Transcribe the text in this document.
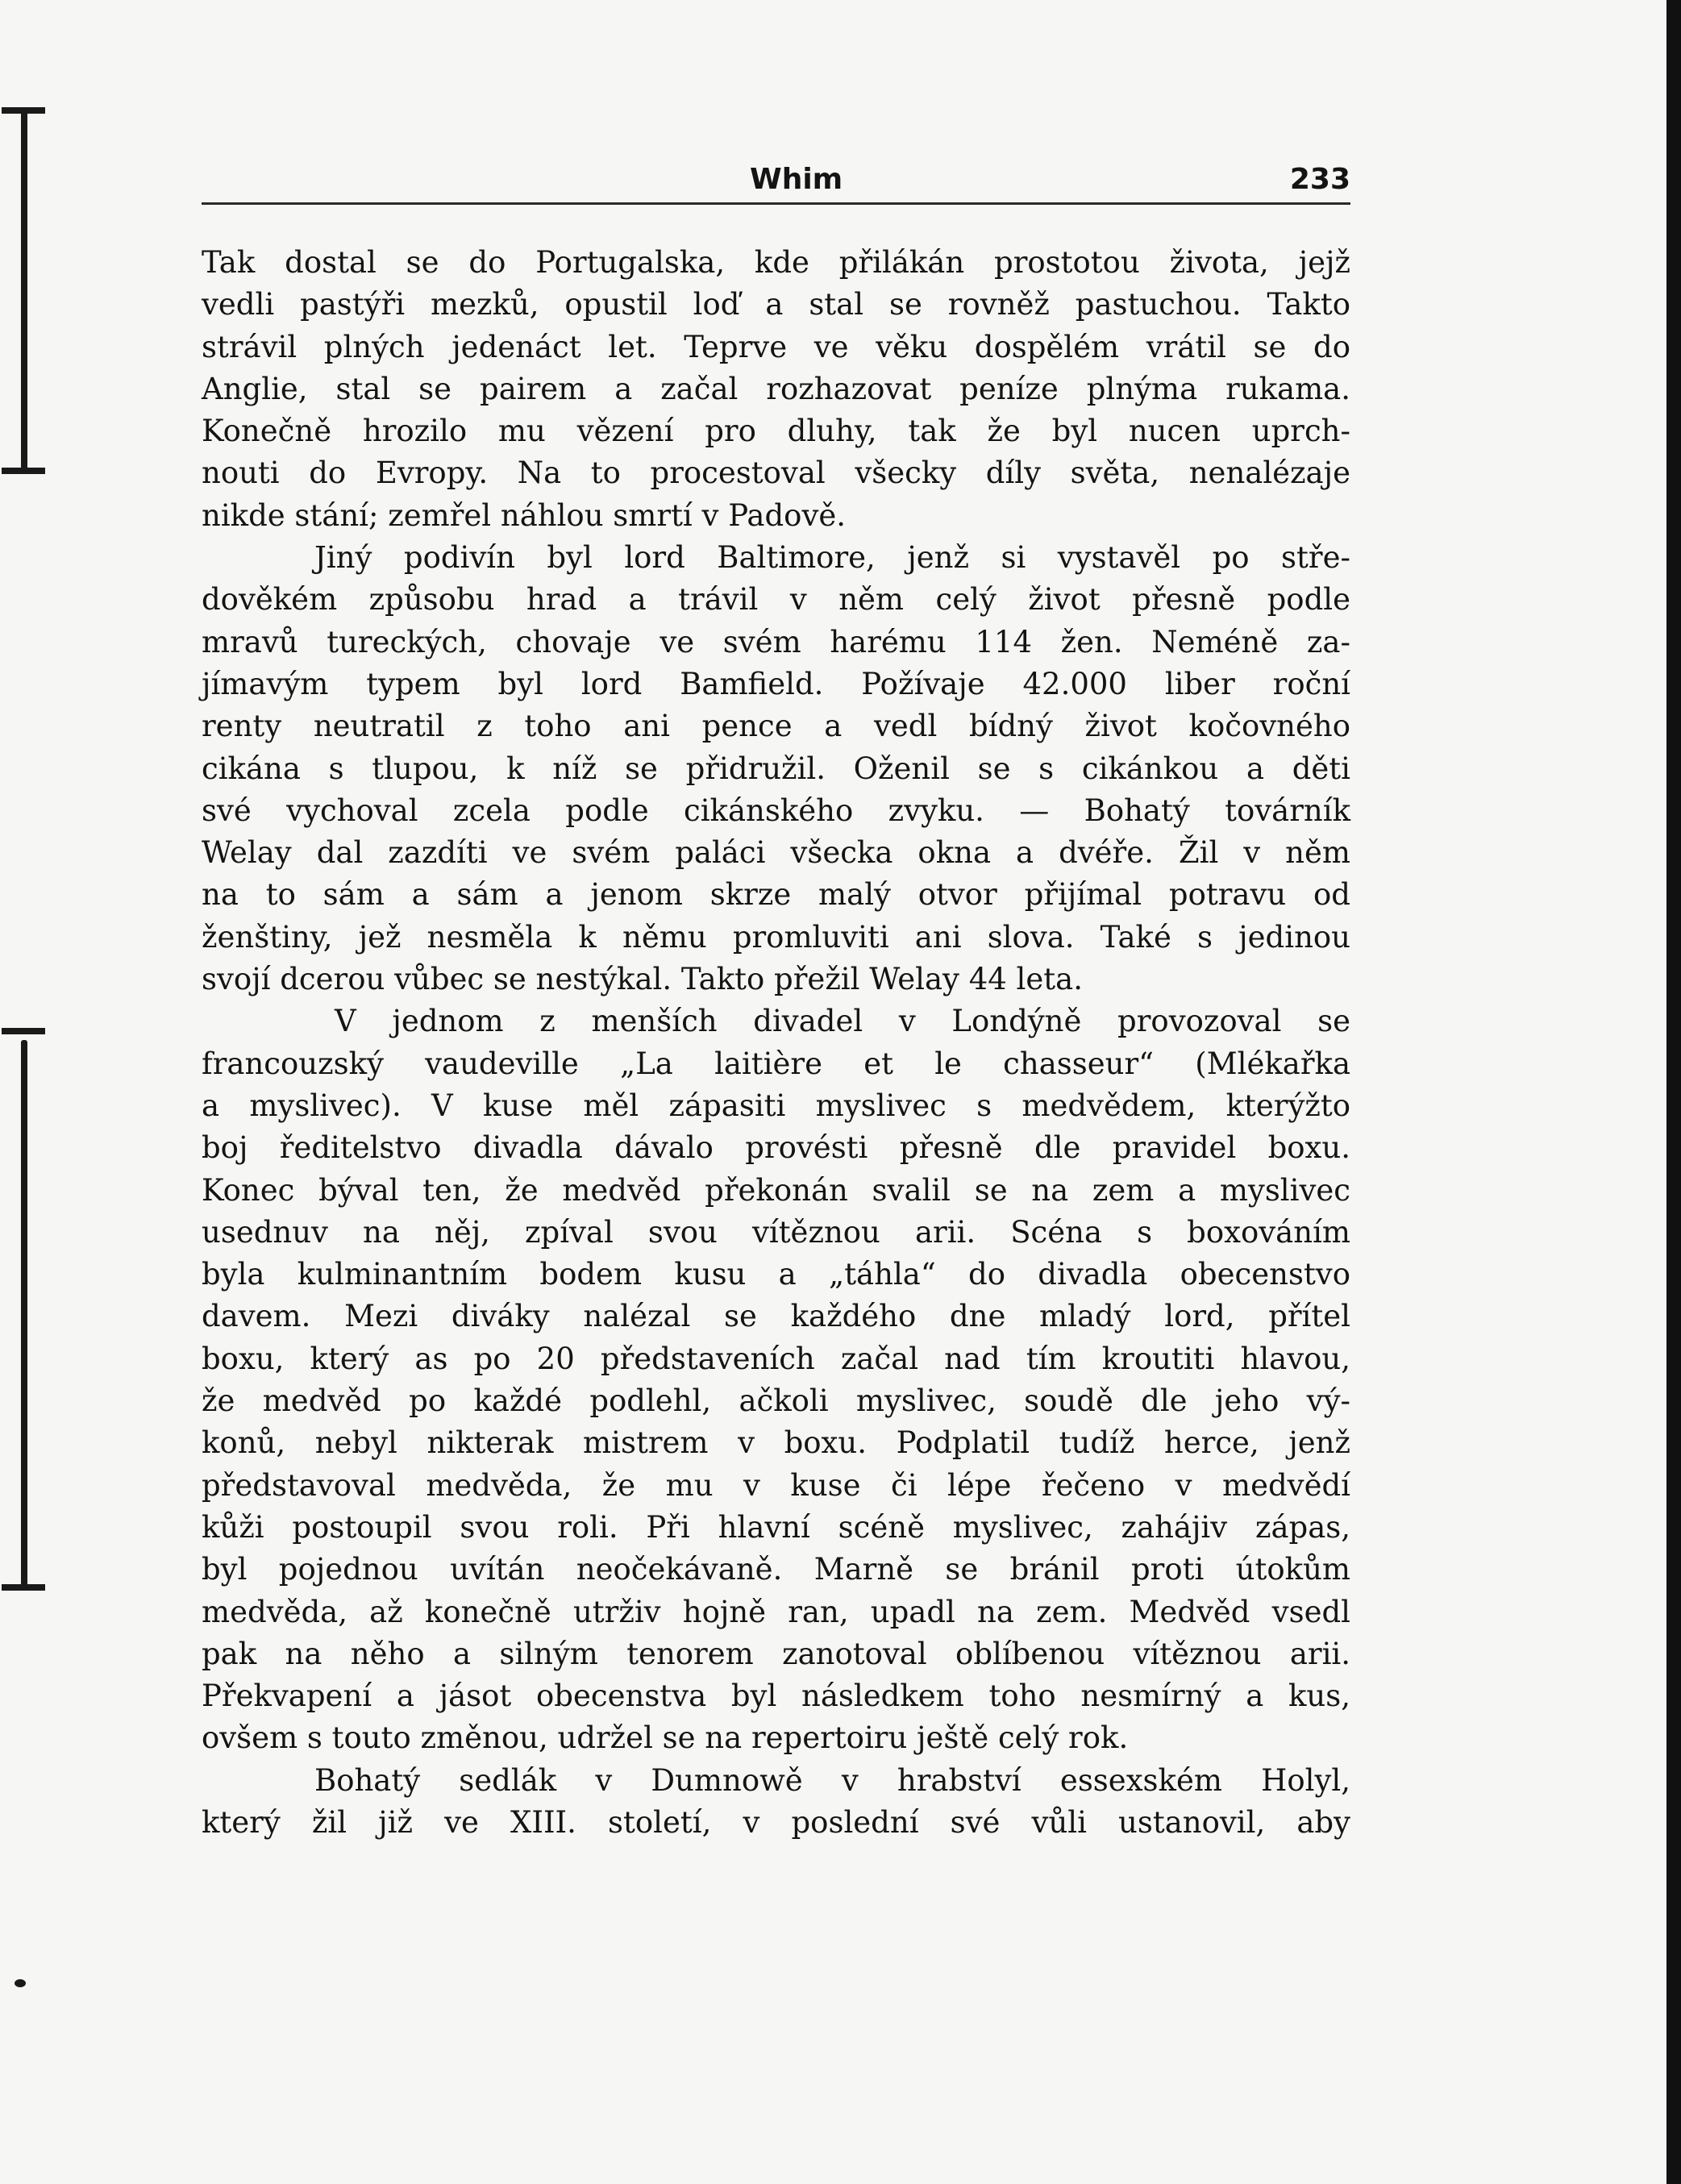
Whim	233

Tak dostal se do Portugalska, kde přilákán prostotou života, jejž
vedli pastýři mezků, opustil loď a stal se rovněž pastuchou. Takto
strávil plných jedenáct let. Teprve ve věku dospělém vrátil se do
Anglie, stal se pairem a začal rozhazovat peníze plnýma rukama.
Konečně hrozilo mu vězení pro dluhy, tak že byl nucen uprch-
nouti do Evropy. Na to procestoval všecky díly světa, nenalézaje
nikde stání; zemřel náhlou smrtí v Padově.

Jiný podivín byl lord Baltimore, jenž si vystavěl po stře-
dověkém způsobu hrad a trávil v něm celý život přesně podle
mravů tureckých, chovaje ve svém harému 114 žen. Neméně za-
jímavým typem byl lord Bamfield. Požívaje 42.000 liber roční
renty neutratil z toho ani pence a vedl bídný život kočovného
cikána s tlupou, k níž se přidružil. Oženil se s cikánkou a děti
své vychoval zcela podle cikánského zvyku. — Bohatý továrník
Welay dal zazdíti ve svém paláci všecka okna a dvéře. Žil v něm
na to sám a sám a jenom skrze malý otvor přijímal potravu od
ženštiny, jež nesměla k němu promluviti ani slova. Také s jedinou
svojí dcerou vůbec se nestýkal. Takto přežil Welay 44 leta.

V jednom z menších divadel v Londýně provozoval se
francouzský vaudeville „La laitière et le chasseur“ (Mlékařka
a myslivec). V kuse měl zápasiti myslivec s medvědem, kterýžto
boj ředitelstvo divadla dávalo provésti přesně dle pravidel boxu.
Konec býval ten, že medvěd překonán svalil se na zem a myslivec
usednuv na něj, zpíval svou vítěznou arii. Scéna s boxováním
byla kulminantním bodem kusu a „táhla“ do divadla obecenstvo
davem. Mezi diváky nalézal se každého dne mladý lord, přítel
boxu, který as po 20 představeních začal nad tím kroutiti hlavou,
že medvěd po každé podlehl, ačkoli myslivec, soudě dle jeho vý-
konů, nebyl nikterak mistrem v boxu. Podplatil tudíž herce, jenž
představoval medvěda, že mu v kuse či lépe řečeno v medvědí
kůži postoupil svou roli. Při hlavní scéně myslivec, zahájiv zápas,
byl pojednou uvítán neočekávaně. Marně se bránil proti útokům
medvěda, až konečně utrživ hojně ran, upadl na zem. Medvěd vsedl
pak na něho a silným tenorem zanotoval oblíbenou vítěznou arii.
Překvapení a jásot obecenstva byl následkem toho nesmírný a kus,
ovšem s touto změnou, udržel se na repertoiru ještě celý rok.

Bohatý sedlák v Dumnowě v hrabství essexském Holyl,
který žil již ve XIII. století, v poslední své vůli ustanovil, aby
